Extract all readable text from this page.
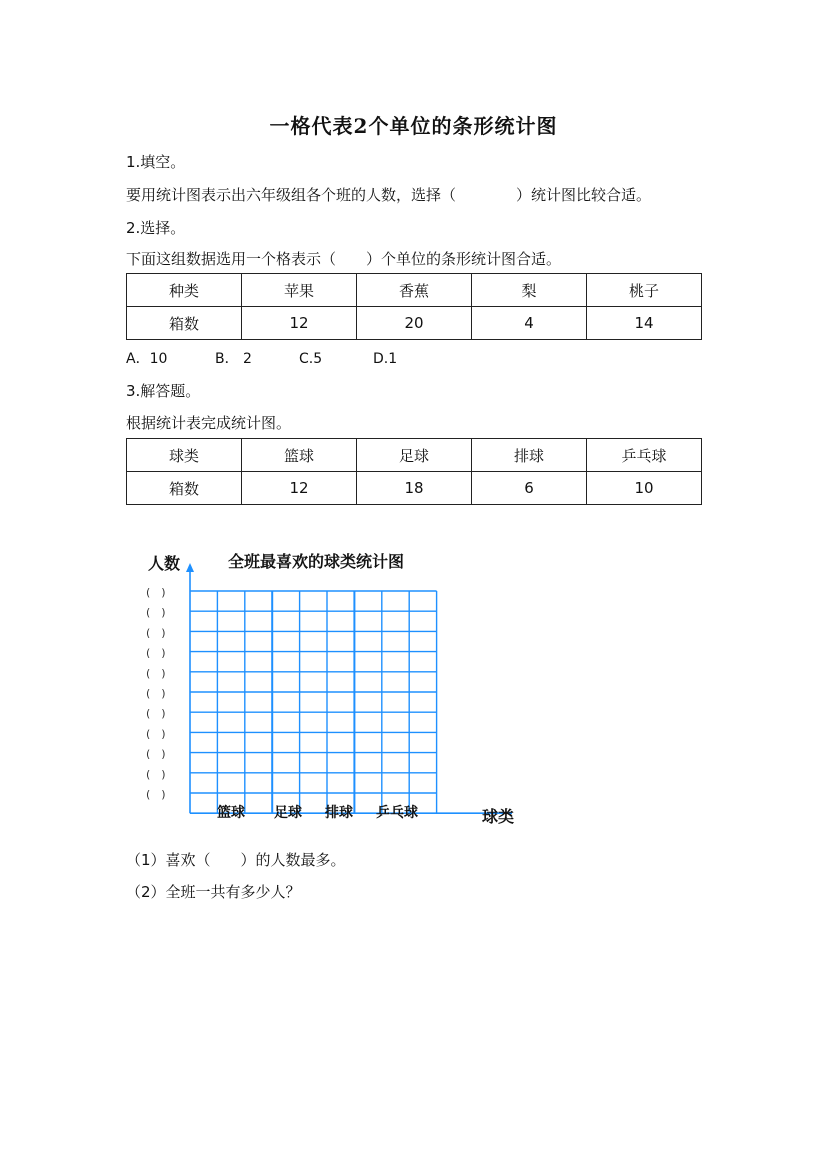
一格代表2个单位的条形统计图
1.填空。
要用统计图表示出六年级组各个班的人数，选择（　　　　）统计图比较合适。
2.选择。
下面这组数据选用一个格表示（　　）个单位的条形统计图合适。
种类	苹果	香蕉	梨	桃子
箱数	12	20	4	14
A．10	B． 2	C.5	D.1
3.解答题。
根据统计表完成统计图。
球类	篮球	足球	排球	乒乓球
箱数	12	18	6	10
人数	全班最喜欢的球类统计图
(　)
(　)
(　)
(　)
(　)
(　)
(　)
(　)
(　)
(　)
(　)
篮球 足球 排球 乒乓球	球类
（1）喜欢（　　）的人数最多。
（2）全班一共有多少人？
